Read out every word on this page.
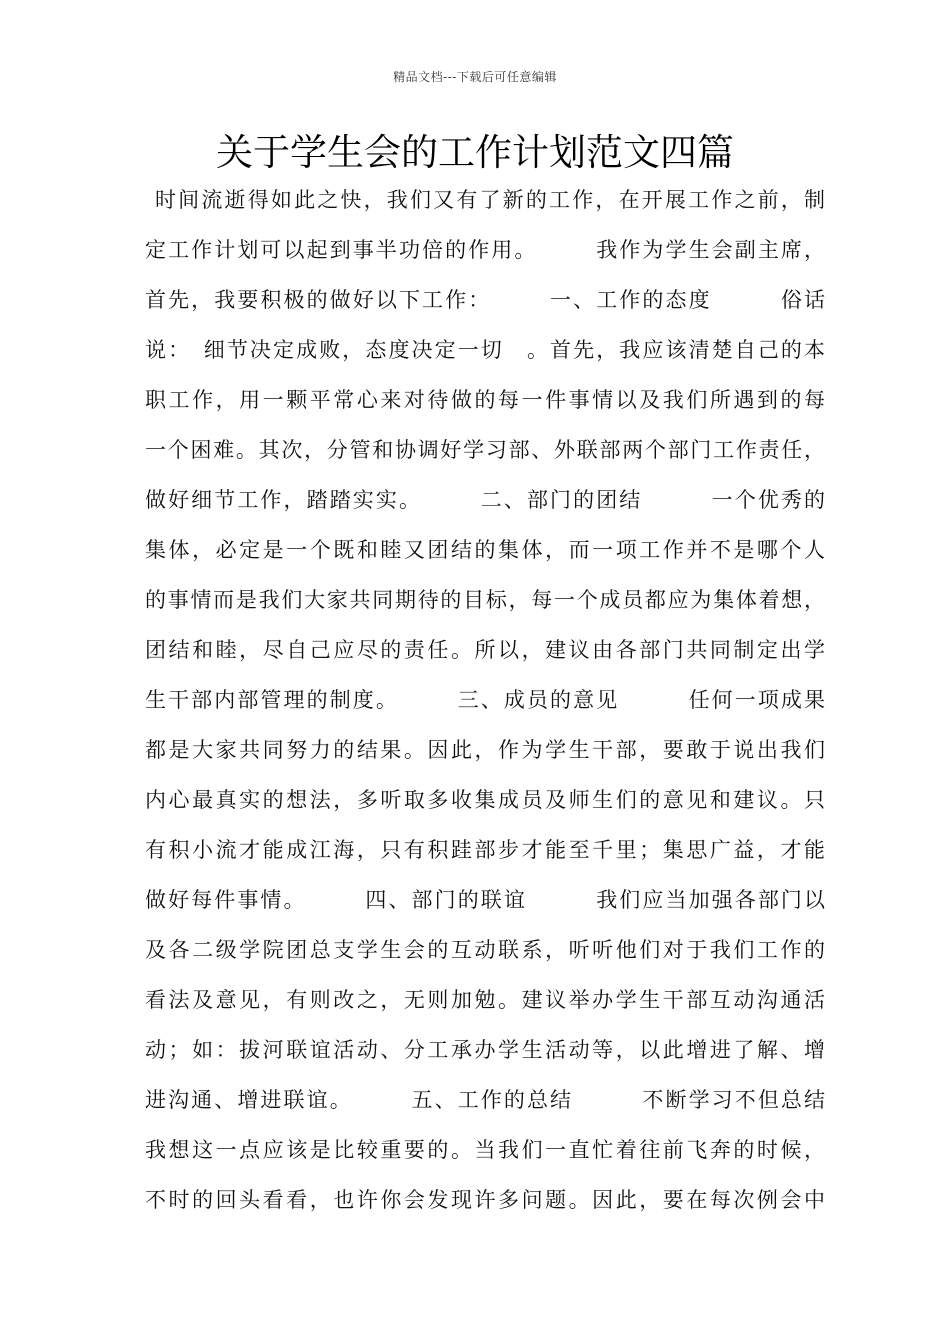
精品文档---下载后可任意编辑
关于学生会的工作计划范文四篇
时间流逝得如此之快，我们又有了新的工作，在开展工作之前，制
定工作计划可以起到事半功倍的作用。　　　我作为学生会副主席，
首先，我要积极的做好以下工作：　　　一、工作的态度　　　俗话
说：　细节决定成败，态度决定一切　。首先，我应该清楚自己的本
职工作，用一颗平常心来对待做的每一件事情以及我们所遇到的每
一个困难。其次，分管和协调好学习部、外联部两个部门工作责任，
做好细节工作，踏踏实实。　　　二、部门的团结　　　一个优秀的
集体，必定是一个既和睦又团结的集体，而一项工作并不是哪个人
的事情而是我们大家共同期待的目标，每一个成员都应为集体着想，
团结和睦，尽自己应尽的责任。所以，建议由各部门共同制定出学
生干部内部管理的制度。　　　三、成员的意见　　　任何一项成果
都是大家共同努力的结果。因此，作为学生干部，要敢于说出我们
内心最真实的想法，多听取多收集成员及师生们的意见和建议。只
有积小流才能成江海，只有积跬部步才能至千里；集思广益，才能
做好每件事情。　　　四、部门的联谊　　　我们应当加强各部门以
及各二级学院团总支学生会的互动联系，听听他们对于我们工作的
看法及意见，有则改之，无则加勉。建议举办学生干部互动沟通活
动；如：拔河联谊活动、分工承办学生活动等，以此增进了解、增
进沟通、增进联谊。　　　五、工作的总结　　　不断学习不但总结
我想这一点应该是比较重要的。当我们一直忙着往前飞奔的时候，
不时的回头看看，也许你会发现许多问题。因此，要在每次例会中
